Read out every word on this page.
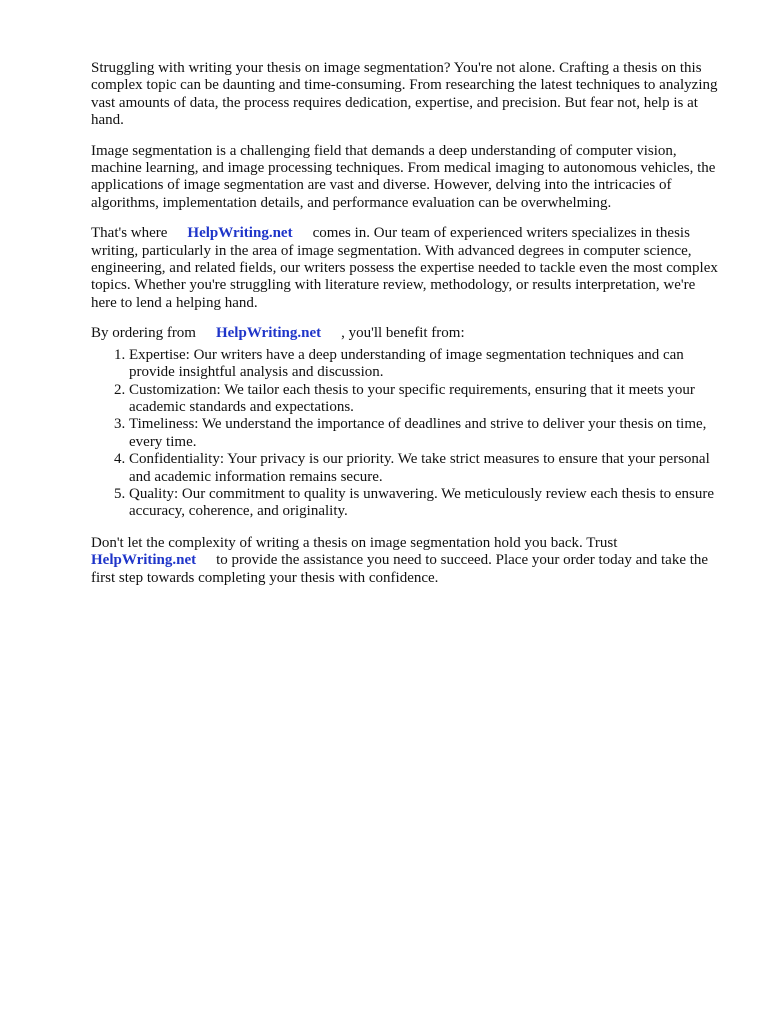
Struggling with writing your thesis on image segmentation? You're not alone. Crafting a thesis on this complex topic can be daunting and time-consuming. From researching the latest techniques to analyzing vast amounts of data, the process requires dedication, expertise, and precision. But fear not, help is at hand.

Image segmentation is a challenging field that demands a deep understanding of computer vision, machine learning, and image processing techniques. From medical imaging to autonomous vehicles, the applications of image segmentation are vast and diverse. However, delving into the intricacies of algorithms, implementation details, and performance evaluation can be overwhelming.

That's where HelpWriting.net comes in. Our team of experienced writers specializes in thesis writing, particularly in the area of image segmentation. With advanced degrees in computer science, engineering, and related fields, our writers possess the expertise needed to tackle even the most complex topics. Whether you're struggling with literature review, methodology, or results interpretation, we're here to lend a helping hand.

By ordering from HelpWriting.net , you'll benefit from:

1. Expertise: Our writers have a deep understanding of image segmentation techniques and can provide insightful analysis and discussion.
2. Customization: We tailor each thesis to your specific requirements, ensuring that it meets your academic standards and expectations.
3. Timeliness: We understand the importance of deadlines and strive to deliver your thesis on time, every time.
4. Confidentiality: Your privacy is our priority. We take strict measures to ensure that your personal and academic information remains secure.
5. Quality: Our commitment to quality is unwavering. We meticulously review each thesis to ensure accuracy, coherence, and originality.

Don't let the complexity of writing a thesis on image segmentation hold you back. Trust HelpWriting.net to provide the assistance you need to succeed. Place your order today and take the first step towards completing your thesis with confidence.
